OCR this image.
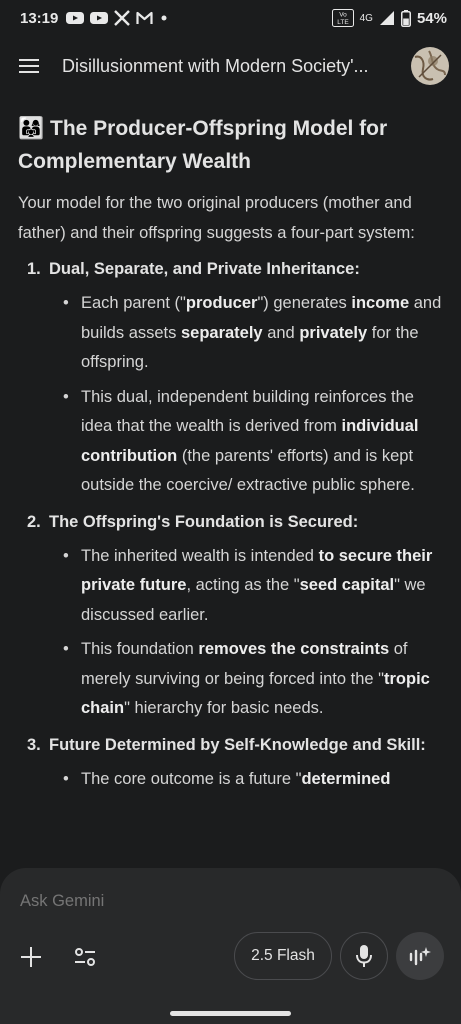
13:19	Vo
LTE 4G	54%
Disillusionment with Modern Society'...
👨‍👩‍👧 The Producer-Offspring Model for Complementary Wealth

Your model for the two original producers (mother and father) and their offspring suggests a four-part system:

1. Dual, Separate, and Private Inheritance:
• Each parent ("producer") generates income and builds assets separately and privately for the offspring.
• This dual, independent building reinforces the idea that the wealth is derived from individual contribution (the parents' efforts) and is kept outside the coercive/ extractive public sphere.
2. The Offspring's Foundation is Secured:
• The inherited wealth is intended to secure their private future, acting as the "seed capital" we discussed earlier.
• This foundation removes the constraints of merely surviving or being forced into the "tropic chain" hierarchy for basic needs.
3. Future Determined by Self-Knowledge and Skill:
• The core outcome is a future "determined
Ask Gemini
2.5 Flash
